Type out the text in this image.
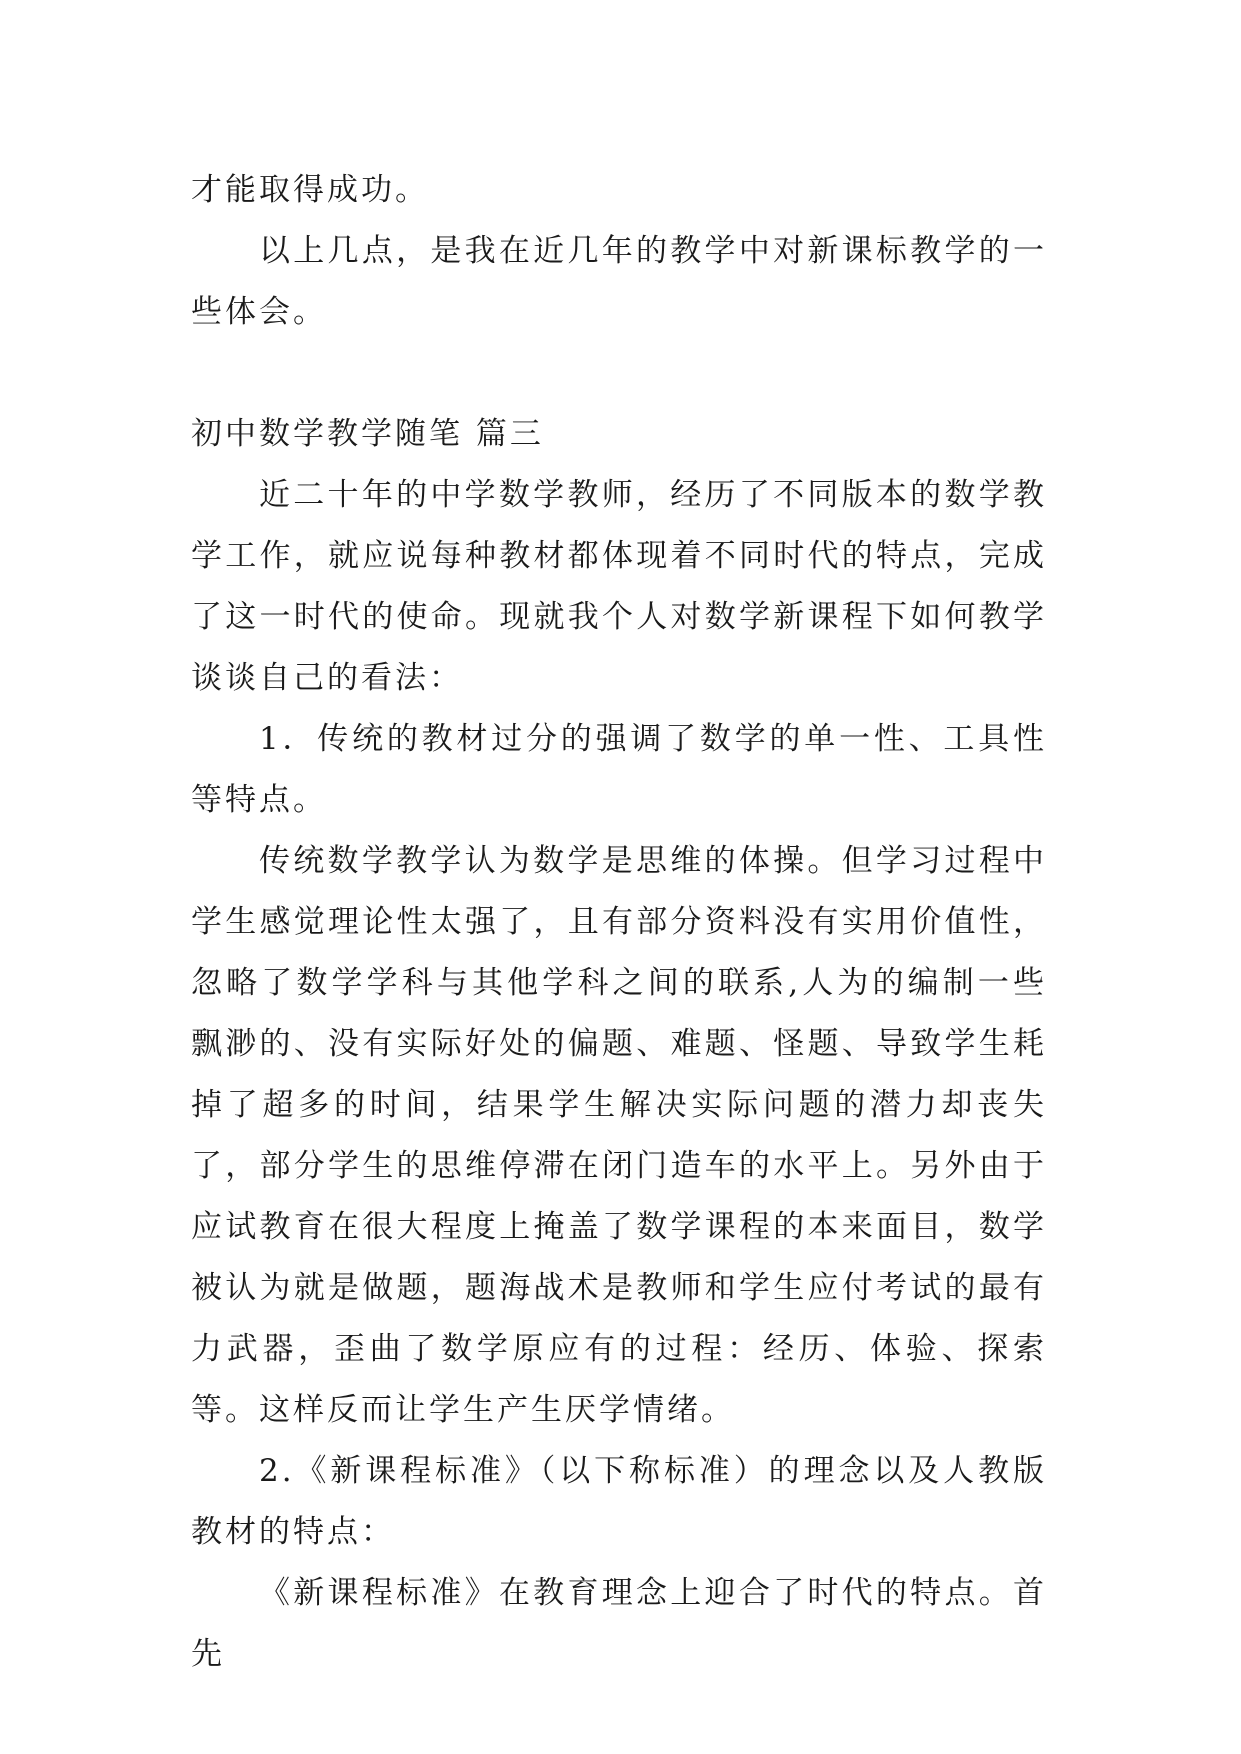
才能取得成功。

以上几点，是我在近几年的教学中对新课标教学的一些体会。

初中数学教学随笔 篇三

近二十年的中学数学教师，经历了不同版本的数学教学工作，就应说每种教材都体现着不同时代的特点，完成了这一时代的使命。现就我个人对数学新课程下如何教学谈谈自己的看法：

1．传统的教材过分的强调了数学的单一性、工具性等特点。

传统数学教学认为数学是思维的体操。但学习过程中学生感觉理论性太强了，且有部分资料没有实用价值性，忽略了数学学科与其他学科之间的联系,人为的编制一些飘渺的、没有实际好处的偏题、难题、怪题、导致学生耗掉了超多的时间，结果学生解决实际问题的潜力却丧失了，部分学生的思维停滞在闭门造车的水平上。另外由于应试教育在很大程度上掩盖了数学课程的本来面目，数学被认为就是做题，题海战术是教师和学生应付考试的最有力武器，歪曲了数学原应有的过程：经历、体验、探索等。这样反而让学生产生厌学情绪。

2.《新课程标准》（以下称标准）的理念以及人教版教材的特点：

《新课程标准》在教育理念上迎合了时代的特点。首先
